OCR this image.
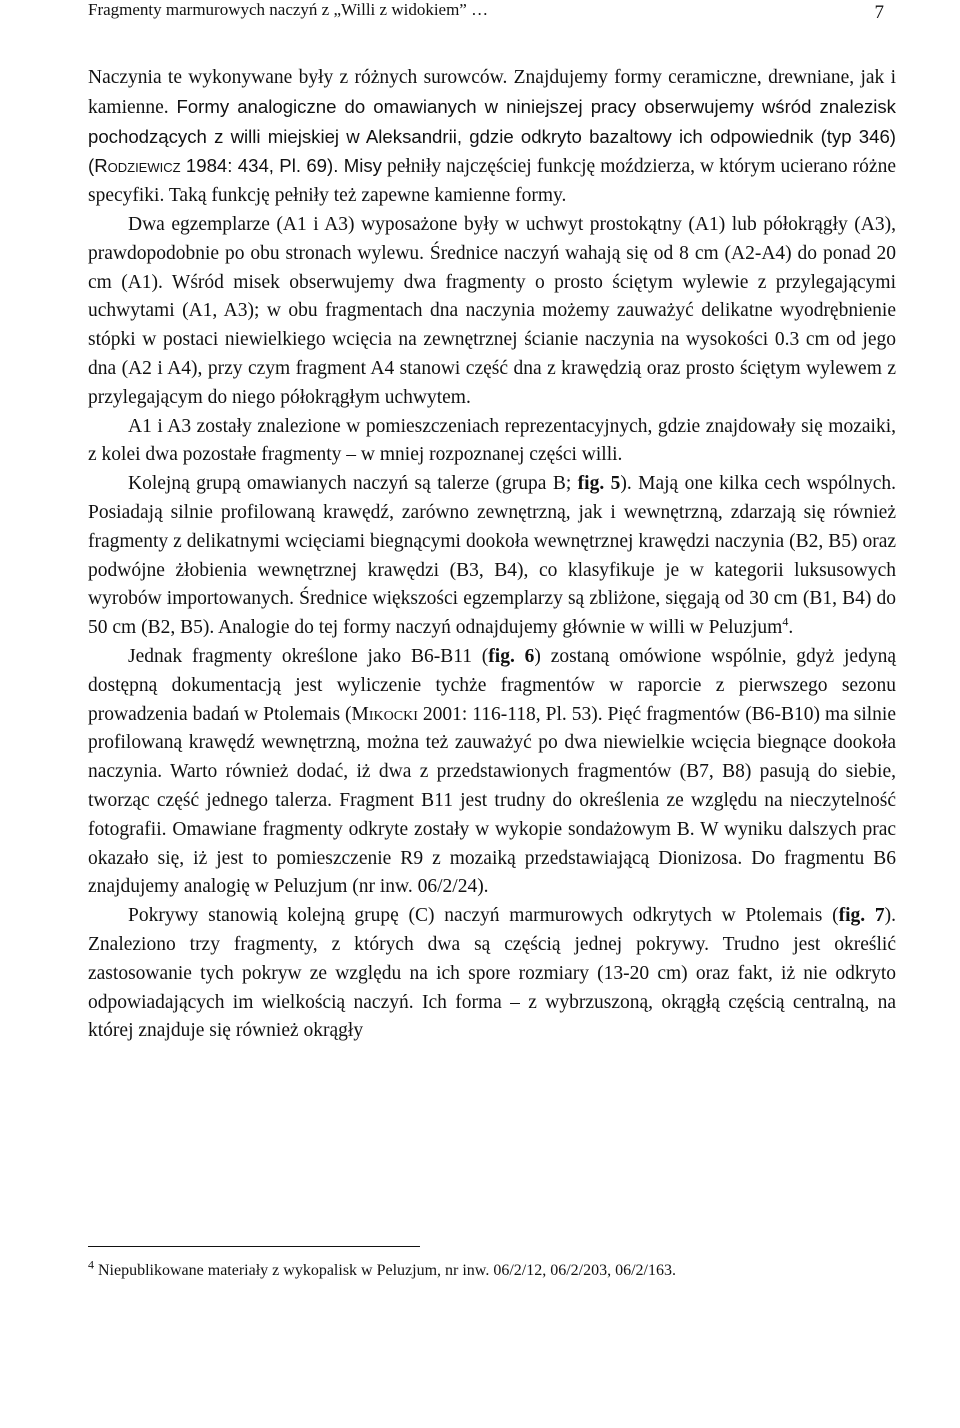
Fragmenty marmurowych naczyń z „Willi z widokiem” …	7

Naczynia te wykonywane były z różnych surowców. Znajdujemy formy ceramiczne, drewniane, jak i kamienne. Formy analogiczne do omawianych w niniejszej pracy obserwujemy wśród znalezisk pochodzących z willi miejskiej w Aleksandrii, gdzie odkryto bazaltowy ich odpowiednik (typ 346) (Rodziewicz 1984: 434, Pl. 69). Misy pełniły najczęściej funkcję moździerza, w którym ucierano różne specyfiki. Taką funkcję pełniły też zapewne kamienne formy.

Dwa egzemplarze (A1 i A3) wyposażone były w uchwyt prostokątny (A1) lub półokrągły (A3), prawdopodobnie po obu stronach wylewu. Średnice naczyń wahają się od 8 cm (A2-A4) do ponad 20 cm (A1). Wśród misek obserwujemy dwa fragmenty o prosto ściętym wylewie z przylegającymi uchwytami (A1, A3); w obu fragmentach dna naczynia możemy zauważyć delikatne wyodrębnienie stópki w postaci niewielkiego wcięcia na zewnętrznej ścianie naczynia na wysokości 0.3 cm od jego dna (A2 i A4), przy czym fragment A4 stanowi część dna z krawędzią oraz prosto ściętym wylewem z przylegającym do niego półokrągłym uchwytem.

A1 i A3 zostały znalezione w pomieszczeniach reprezentacyjnych, gdzie znajdowały się mozaiki, z kolei dwa pozostałe fragmenty – w mniej rozpoznanej części willi.

Kolejną grupą omawianych naczyń są talerze (grupa B; fig. 5). Mają one kilka cech wspólnych. Posiadają silnie profilowaną krawędź, zarówno zewnętrzną, jak i wewnętrzną, zdarzają się również fragmenty z delikatnymi wcięciami biegnącymi dookoła wewnętrznej krawędzi naczynia (B2, B5) oraz podwójne żłobienia wewnętrznej krawędzi (B3, B4), co klasyfikuje je w kategorii luksusowych wyrobów importowanych. Średnice większości egzemplarzy są zbliżone, sięgają od 30 cm (B1, B4) do 50 cm (B2, B5). Analogie do tej formy naczyń odnajdujemy głównie w willi w Peluzjum$^4$.

Jednak fragmenty określone jako B6-B11 (fig. 6) zostaną omówione wspólnie, gdyż jedyną dostępną dokumentacją jest wyliczenie tychże fragmentów w raporcie z pierwszego sezonu prowadzenia badań w Ptolemais (Mikocki 2001: 116-118, Pl. 53). Pięć fragmentów (B6-B10) ma silnie profilowaną krawędź wewnętrzną, można też zauważyć po dwa niewielkie wcięcia biegnące dookoła naczynia. Warto również dodać, iż dwa z przedstawionych fragmentów (B7, B8) pasują do siebie, tworząc część jednego talerza. Fragment B11 jest trudny do określenia ze względu na nieczytelność fotografii. Omawiane fragmenty odkryte zostały w wykopie sondażowym B. W wyniku dalszych prac okazało się, iż jest to pomieszczenie R9 z mozaiką przedstawiającą Dionizosa. Do fragmentu B6 znajdujemy analogię w Peluzjum (nr inw. 06/2/24).

Pokrywy stanowią kolejną grupę (C) naczyń marmurowych odkrytych w Ptolemais (fig. 7). Znaleziono trzy fragmenty, z których dwa są częścią jednej pokrywy. Trudno jest określić zastosowanie tych pokryw ze względu na ich spore rozmiary (13-20 cm) oraz fakt, iż nie odkryto odpowiadających im wielkością naczyń. Ich forma – z wybrzuszoną, okrągłą częścią centralną, na której znajduje się również okrągły

$^4$ Niepublikowane materiały z wykopalisk w Peluzjum, nr inw. 06/2/12, 06/2/203, 06/2/163.
